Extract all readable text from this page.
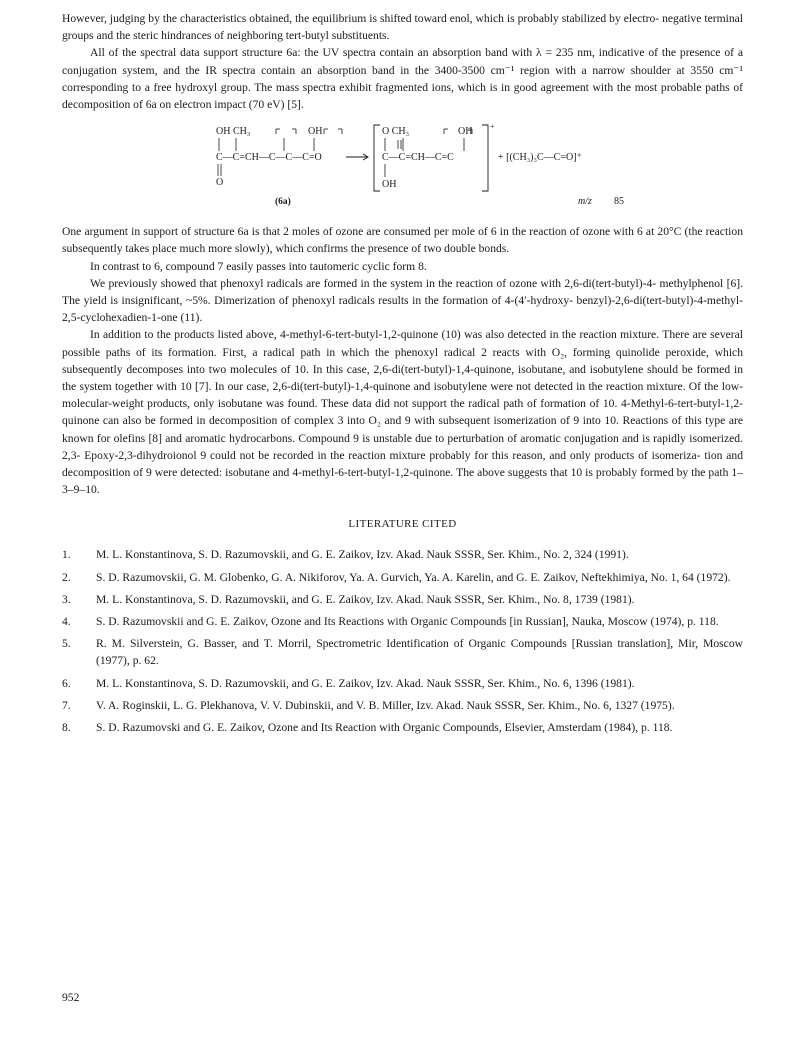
However, judging by the characteristics obtained, the equilibrium is shifted toward enol, which is probably stabilized by electro- negative terminal groups and the steric hindrances of neighboring tert-butyl substituents.

All of the spectral data support structure 6a: the UV spectra contain an absorption band with λ = 235 nm, indicative of the presence of a conjugation system, and the IR spectra contain an absorption band in the 3400-3500 cm⁻¹ region with a narrow shoulder at 3550 cm⁻¹ corresponding to a free hydroxyl group. The mass spectra exhibit fragmented ions, which is in good agreement with the most probable paths of decomposition of 6a on electron impact (70 eV) [5].

OH CH₃	OH
C—C=CH—C—C—C=O
O
(6a)
O CH₃	OH
C—C=CH—C=C
OH
+
+ [(CH₃)₃C—C=O]⁺
m/z 85

One argument in support of structure 6a is that 2 moles of ozone are consumed per mole of 6 in the reaction of ozone with 6 at 20°C (the reaction subsequently takes place much more slowly), which confirms the presence of two double bonds.

In contrast to 6, compound 7 easily passes into tautomeric cyclic form 8.

We previously showed that phenoxyl radicals are formed in the system in the reaction of ozone with 2,6-di(tert-butyl)-4- methylphenol [6]. The yield is insignificant, ~5%. Dimerization of phenoxyl radicals results in the formation of 4-(4′-hydroxy- benzyl)-2,6-di(tert-butyl)-4-methyl-2,5-cyclohexadien-1-one (11).

In addition to the products listed above, 4-methyl-6-tert-butyl-1,2-quinone (10) was also detected in the reaction mixture. There are several possible paths of its formation. First, a radical path in which the phenoxyl radical 2 reacts with O₂, forming quinolide peroxide, which subsequently decomposes into two molecules of 10. In this case, 2,6-di(tert-butyl)-1,4-quinone, isobutane, and isobutylene should be formed in the system together with 10 [7]. In our case, 2,6-di(tert-butyl)-1,4-quinone and isobutylene were not detected in the reaction mixture. Of the low-molecular-weight products, only isobutane was found. These data did not support the radical path of formation of 10. 4-Methyl-6-tert-butyl-1,2-quinone can also be formed in decomposition of complex 3 into O₂ and 9 with subsequent isomerization of 9 into 10. Reactions of this type are known for olefins [8] and aromatic hydrocarbons. Compound 9 is unstable due to perturbation of aromatic conjugation and is rapidly isomerized. 2,3- Epoxy-2,3-dihydroionol 9 could not be recorded in the reaction mixture probably for this reason, and only products of isomeriza- tion and decomposition of 9 were detected: isobutane and 4-methyl-6-tert-butyl-1,2-quinone. The above suggests that 10 is probably formed by the path 1–3–9–10.

LITERATURE CITED
1. M. L. Konstantinova, S. D. Razumovskii, and G. E. Zaikov, Izv. Akad. Nauk SSSR, Ser. Khim., No. 2, 324 (1991).
2. S. D. Razumovskii, G. M. Globenko, G. A. Nikiforov, Ya. A. Gurvich, Ya. A. Karelin, and G. E. Zaikov, Neftekhimiya, No. 1, 64 (1972).
3. M. L. Konstantinova, S. D. Razumovskii, and G. E. Zaikov, Izv. Akad. Nauk SSSR, Ser. Khim., No. 8, 1739 (1981).
4. S. D. Razumovskii and G. E. Zaikov, Ozone and Its Reactions with Organic Compounds [in Russian], Nauka, Moscow (1974), p. 118.
5. R. M. Silverstein, G. Basser, and T. Morril, Spectrometric Identification of Organic Compounds [Russian translation], Mir, Moscow (1977), p. 62.
6. M. L. Konstantinova, S. D. Razumovskii, and G. E. Zaikov, Izv. Akad. Nauk SSSR, Ser. Khim., No. 6, 1396 (1981).
7. V. A. Roginskii, L. G. Plekhanova, V. V. Dubinskii, and V. B. Miller, Izv. Akad. Nauk SSSR, Ser. Khim., No. 6, 1327 (1975).
8. S. D. Razumovski and G. E. Zaikov, Ozone and Its Reaction with Organic Compounds, Elsevier, Amsterdam (1984), p. 118.
952
